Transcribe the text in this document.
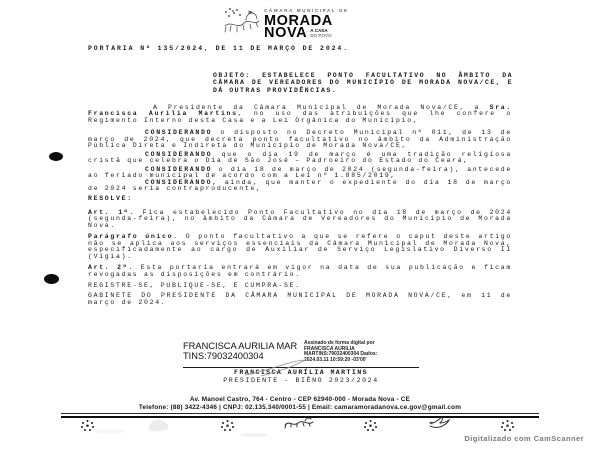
CÂMARA MUNICIPAL DE
MORADA
NOVA A CASA
DO POVO
PORTARIA Nº 135/2024, DE 11 DE MARÇO DE 2024.
OBJETO: ESTABELECE PONTO FACULTATIVO NO ÂMBITO DA CÂMARA DE VEREADORES DO MUNICÍPIO DE MORADA NOVA/CE, E DÁ OUTRAS PROVIDÊNCIAS.

A Presidente da Câmara Municipal de Morada Nova/CE, a Sra. Francisca Aurilia Martins, no uso das atribuições que lhe confere o Regimento Interno desta Casa e a Lei Orgânica do Município,

CONSIDERANDO o disposto no Decreto Municipal nº 011, de 13 de março de 2024, que decreta ponto facultativo no âmbito da Administração Pública Direta e Indireta do Município de Morada Nova/CE,

CONSIDERANDO que o dia 19 de março é uma tradição religiosa cristã que celebra o Dia de São José – Padroeiro do Estado do Ceará,

CONSIDERANDO o dia 18 de março de 2024 (segunda-feira), antecede ao feriado municipal de acordo com a Lei nº 1.885/2019,

CONSIDERANDO, ainda, que manter o expediente do dia 18 de março de 2024 seria contraproducente,

RESOLVE:

Art. 1º. Fica estabelecido Ponto Facultativo no dia 18 de março de 2024 (segunda-feira), no âmbito da Câmara de Vereadores do Município de Morada Nova.

Parágrafo único. O ponto facultativo a que se refere o caput deste artigo não se aplica aos serviços essenciais da Câmara Municipal de Morada Nova, especificadamente ao cargo de Auxiliar de Serviço Legislativo Diverso II (Vigia).

Art. 2º. Esta portaria entrará em vigor na data de sua publicação e ficam revogadas as disposições em contrário.

REGISTRE-SE, PUBLIQUE-SE, E CUMPRA-SE.

GABINETE DO PRESIDENTE DA CÂMARA MUNICIPAL DE MORADA NOVA/CE, em 11 de março de 2024.

FRANCISCA AURILIA MARTINS:79032400304
Assinado de forma digital por FRANCISCA AURILIA MARTINS:79032400304 Dados: 2024.03.11 10:59:20 -03'00'
FRANCISCA AURÍLIA MARTINS
PRESIDENTE - BIÊNO 2023/2024
Av. Manoel Castro, 764 - Centro - CEP 62940-000 - Morada Nova - CE
Telefone: (88) 3422-4346 | CNPJ: 02.135.340/0001-55 | Email: camaramoradanova.ce.gov@gmail.com
Digitalizado com CamScanner
